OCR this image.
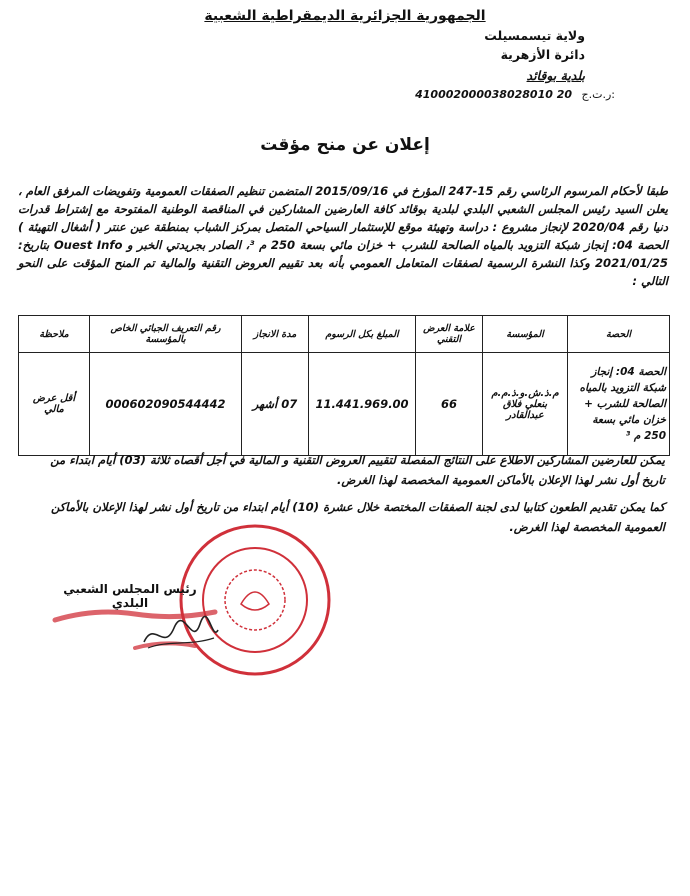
الجمهورية الجزائرية الديمقراطية الشعبية
ولاية تيسمسيلت
دائرة الأزهرية
بلدية بوقائد
410002000038028010 20 ر.ت.ج:
إعلان عن منح مؤقت

طبقا لأحكام المرسوم الرئاسي رقم 15-247 المؤرخ في 2015/09/16 المتضمن تنظيم الصفقات العمومية وتفويضات المرفق العام ، يعلن السيد رئيس المجلس الشعبي البلدي لبلدية بوقائد كافة العارضين المشاركين في المناقصة الوطنية المفتوحة مع إشتراط قدرات دنيا رقم 2020/04 لإنجاز مشروع : دراسة وتهيئة موقع للإستثمار السياحي المتصل بمركز الشباب بمنطقة عين عنتر ( أشغال التهيئة ) الحصة 04: إنجاز شبكة التزويد بالمياه الصالحة للشرب + خزان مائي بسعة 250 م ³، الصادر بجريدتي الخبر و Ouest Info بتاريخ: 2021/01/25 وكذا النشرة الرسمية لصفقات المتعامل العمومي بأنه بعد تقييم العروض التقنية والمالية تم المنح المؤقت على النحو التالي :

الحصة	المؤسسة	علامة العرض التقني	المبلغ بكل الرسوم	مدة الانجاز	رقم التعريف الجبائي الخاص بالمؤسسة	ملاحظة
الحصة 04: إنجاز شبكة التزويد بالمياه الصالحة للشرب + خزان مائي بسعة 250 م ³	م.ذ.ش.و.ذ.م.م بنعلي فلاق عبدالقادر	66	11.441.969.00	07 أشهر	000602090544442	أقل عرض مالي
يمكن للعارضين المشاركين الاطلاع على النتائج المفصلة لتقييم العروض التقنية و المالية في أجل أقصاه ثلاثة (03) أيام ابتداء من تاريخ أول نشر لهذا الإعلان بالأماكن العمومية المخصصة لهذا الغرض.
كما يمكن تقديم الطعون كتابيا لدى لجنة الصفقات المختصة خلال عشرة (10) أيام ابتداء من تاريخ أول نشر لهذا الإعلان بالأماكن العمومية المخصصة لهذا الغرض.
رئيس المجلس الشعبي البلدي
